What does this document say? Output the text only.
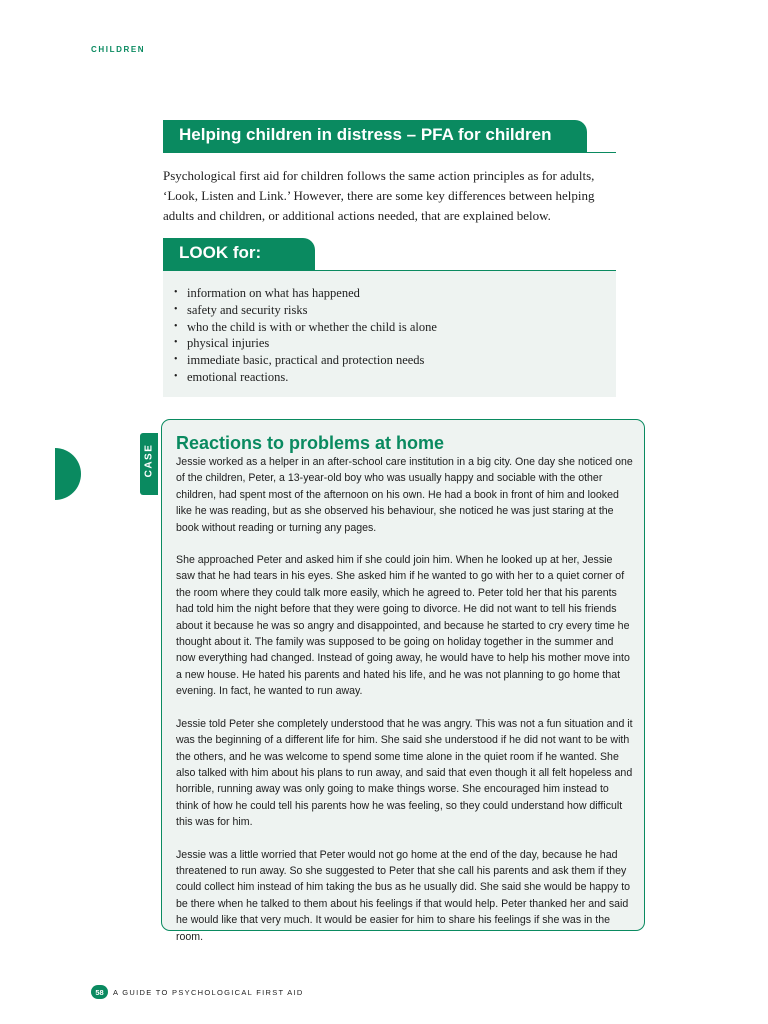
CHILDREN
Helping children in distress – PFA for children

Psychological first aid for children follows the same action principles as for adults, ‘Look, Listen and Link.’ However, there are some key differences between helping adults and children, or additional actions needed, that are explained below.

LOOK for:
• information on what has happened
• safety and security risks
• who the child is with or whether the child is alone
• physical injuries
• immediate basic, practical and protection needs
• emotional reactions.
Reactions to problems at home

Jessie worked as a helper in an after-school care institution in a big city. One day she noticed one of the children, Peter, a 13-year-old boy who was usually happy and sociable with the other children, had spent most of the afternoon on his own. He had a book in front of him and looked like he was reading, but as she observed his behaviour, she noticed he was just staring at the book without reading or turning any pages.

She approached Peter and asked him if she could join him. When he looked up at her, Jessie saw that he had tears in his eyes. She asked him if he wanted to go with her to a quiet corner of the room where they could talk more easily, which he agreed to. Peter told her that his parents had told him the night before that they were going to divorce. He did not want to tell his friends about it because he was so angry and disappointed, and because he started to cry every time he thought about it. The family was supposed to be going on holiday together in the summer and now everything had changed. Instead of going away, he would have to help his mother move into a new house. He hated his parents and hated his life, and he was not planning to go home that evening. In fact, he wanted to run away.

Jessie told Peter she completely understood that he was angry. This was not a fun situation and it was the beginning of a different life for him. She said she understood if he did not want to be with the others, and he was welcome to spend some time alone in the quiet room if he wanted. She also talked with him about his plans to run away, and said that even though it all felt hopeless and horrible, running away was only going to make things worse. She encouraged him instead to think of how he could tell his parents how he was feeling, so they could understand how difficult this was for him.

Jessie was a little worried that Peter would not go home at the end of the day, because he had threatened to run away. So she suggested to Peter that she call his parents and ask them if they could collect him instead of him taking the bus as he usually did. She said she would be happy to be there when he talked to them about his feelings if that would help. Peter thanked her and said he would like that very much. It would be easier for him to share his feelings if she was in the room.

CASE
58	A GUIDE TO PSYCHOLOGICAL FIRST AID
